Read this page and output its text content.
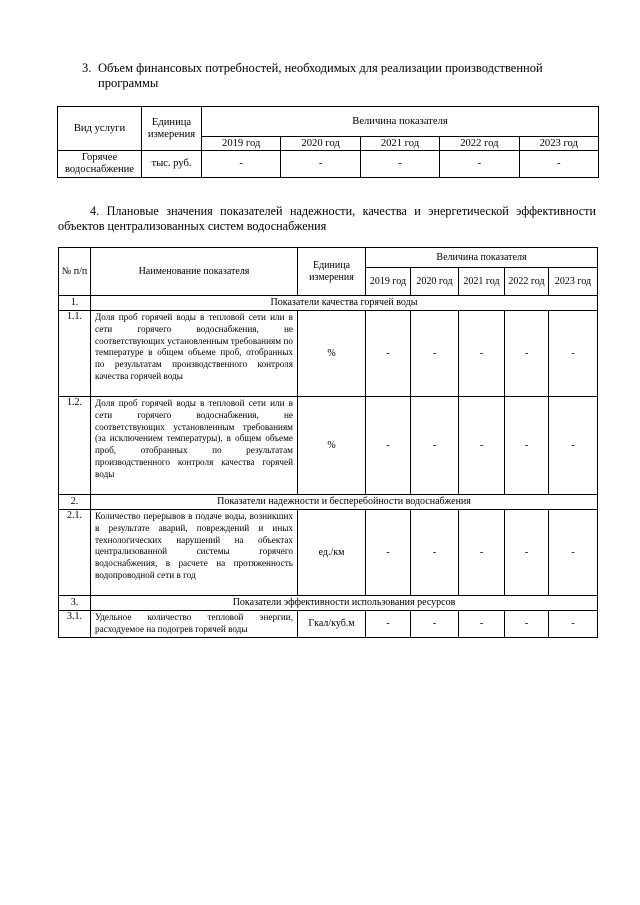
3. Объем финансовых потребностей, необходимых для реализации производственной
программы
Вид услуги	Единица измерения	Величина показателя				
		2019 год	2020 год	2021 год	2022 год	2023 год
Горячее водоснабжение	тыс. руб.	-	-	-	-	-
4. Плановые значения показателей надежности, качества и энергетической эффективности объектов централизованных систем водоснабжения
№ п/п	Наименование показателя	Единица измерения	Величина показателя				
			2019 год	2020 год	2021 год	2022 год	2023 год
1.	Показатели качества горячей воды						
1.1.	Доля проб горячей воды в тепловой сети или в сети горячего водоснабжения, не соответствующих установленным требованиям по температуре в общем объеме проб, отобранных по результатам производственного контроля качества горячей воды	%	-	-	-	-	-
1.2.	Доля проб горячей воды в тепловой сети или в сети горячего водоснабжения, не соответствующих установленным требованиям (за исключением температуры), в общем объеме проб, отобранных по результатам производственного контроля качества горячей воды	%	-	-	-	-	-
2.	Показатели надежности и бесперебойности водоснабжения						
2.1.	Количество перерывов в подаче воды, возникших в результате аварий, повреждений и иных технологических нарушений на объектах централизованной системы горячего водоснабжения, в расчете на протяженность водопроводной сети в год	ед./км	-	-	-	-	-
3.	Показатели эффективности использования ресурсов						
3.1.	Удельное количество тепловой энергии, расходуемое на подогрев горячей воды	Гкал/куб.м	-	-	-	-	-
